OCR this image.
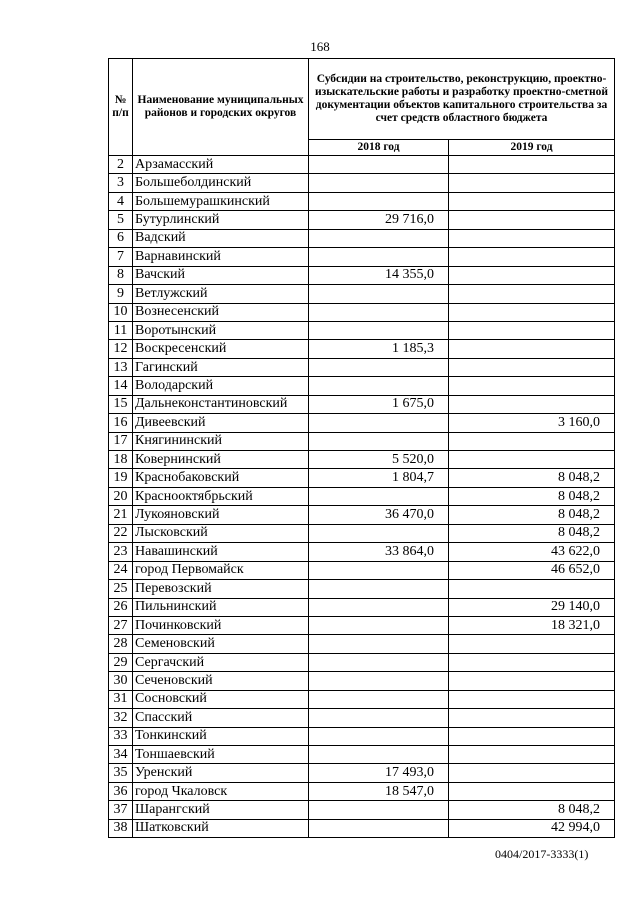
168
№
п/п	Наименование муниципальных районов и городских округов	Субсидии на строительство, реконструкцию, проектно-изыскательские работы и разработку проектно-сметной документации объектов капитального строительства за счет средств областного бюджета	
		2018 год	2019 год
2	Арзамасский		
3	Большеболдинский		
4	Большемурашкинский		
5	Бутурлинский	29 716,0	
6	Вадский		
7	Варнавинский		
8	Вачский	14 355,0	
9	Ветлужский		
10	Вознесенский		
11	Воротынский		
12	Воскресенский	1 185,3	
13	Гагинский		
14	Володарский		
15	Дальнеконстантиновский	1 675,0	
16	Дивеевский		3 160,0
17	Княгининский		
18	Ковернинский	5 520,0	
19	Краснобаковский	1 804,7	8 048,2
20	Краснооктябрьский		8 048,2
21	Лукояновский	36 470,0	8 048,2
22	Лысковский		8 048,2
23	Навашинский	33 864,0	43 622,0
24	город Первомайск		46 652,0
25	Перевозский		
26	Пильнинский		29 140,0
27	Починковский		18 321,0
28	Семеновский		
29	Сергачский		
30	Сеченовский		
31	Сосновский		
32	Спасский		
33	Тонкинский		
34	Тоншаевский		
35	Уренский	17 493,0	
36	город Чкаловск	18 547,0	
37	Шарангский		8 048,2
38	Шатковский		42 994,0
0404/2017-3333(1)
